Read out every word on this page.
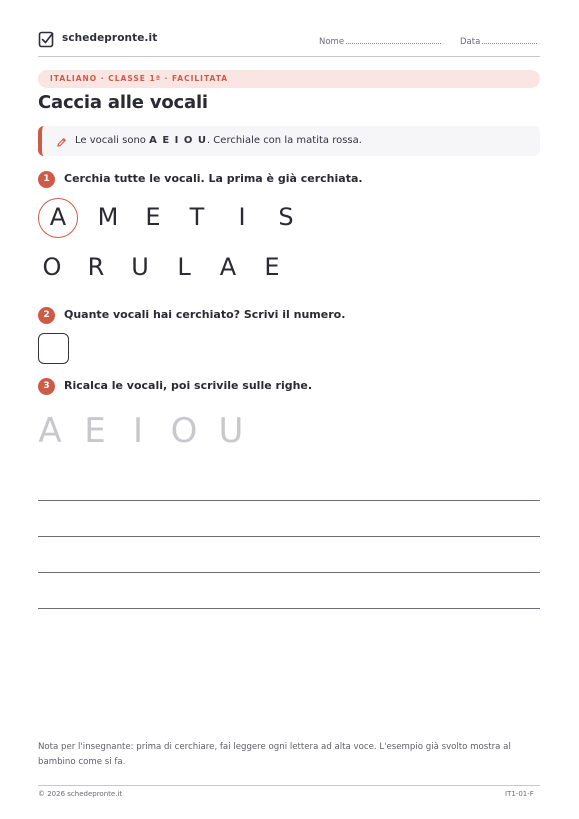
schedepronte.it	Nome	Data
ITALIANO · CLASSE 1ª · FACILITATA
Caccia alle vocali
Le vocali sono A E I O U. Cerchiale con la matita rossa.
1	Cerchia tutte le vocali. La prima è già cerchiata.
A	M	E	T	I	S
O	R	U	L	A	E
2	Quante vocali hai cerchiato? Scrivi il numero.
3	Ricalca le vocali, poi scrivile sulle righe.
A E I O U
Nota per l'insegnante: prima di cerchiare, fai leggere ogni lettera ad alta voce. L'esempio già svolto mostra al bambino come si fa.
© 2026 schedepronte.it	IT1-01-F
